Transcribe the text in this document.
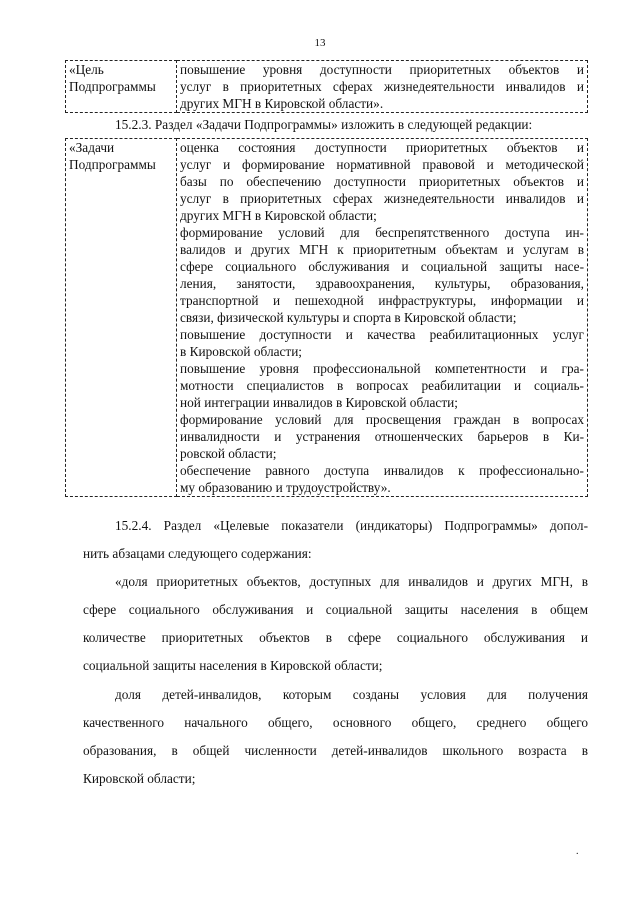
13
«Цель
Подпрограммы

повышение уровня доступности приоритетных объектов и
услуг в приоритетных сферах жизнедеятельности инвалидов и
других МГН в Кировской области».
15.2.3. Раздел «Задачи Подпрограммы» изложить в следующей редакции:
«Задачи
Подпрограммы

оценка состояния доступности приоритетных объектов и
услуг и формирование нормативной правовой и методической
базы по обеспечению доступности приоритетных объектов и
услуг в приоритетных сферах жизнедеятельности инвалидов и
других МГН в Кировской области;
формирование условий для беспрепятственного доступа ин-
валидов и других МГН к приоритетным объектам и услугам в
сфере социального обслуживания и социальной защиты насе-
ления, занятости, здравоохранения, культуры, образования,
транспортной и пешеходной инфраструктуры, информации и
связи, физической культуры и спорта в Кировской области;
повышение доступности и качества реабилитационных услуг
в Кировской области;
повышение уровня профессиональной компетентности и гра-
мотности специалистов в вопросах реабилитации и социаль-
ной интеграции инвалидов в Кировской области;
формирование условий для просвещения граждан в вопросах
инвалидности и устранения отношенческих барьеров в Ки-
ровской области;
обеспечение равного доступа инвалидов к профессионально-
му образованию и трудоустройству».
15.2.4. Раздел «Целевые показатели (индикаторы) Подпрограммы» допол-
нить абзацами следующего содержания:
«доля приоритетных объектов, доступных для инвалидов и других МГН, в
сфере социального обслуживания и социальной защиты населения в общем
количестве приоритетных объектов в сфере социального обслуживания и
социальной защиты населения в Кировской области;
доля детей-инвалидов, которым созданы условия для получения
качественного начального общего, основного общего, среднего общего
образования, в общей численности детей-инвалидов школьного возраста в
Кировской области;
.
